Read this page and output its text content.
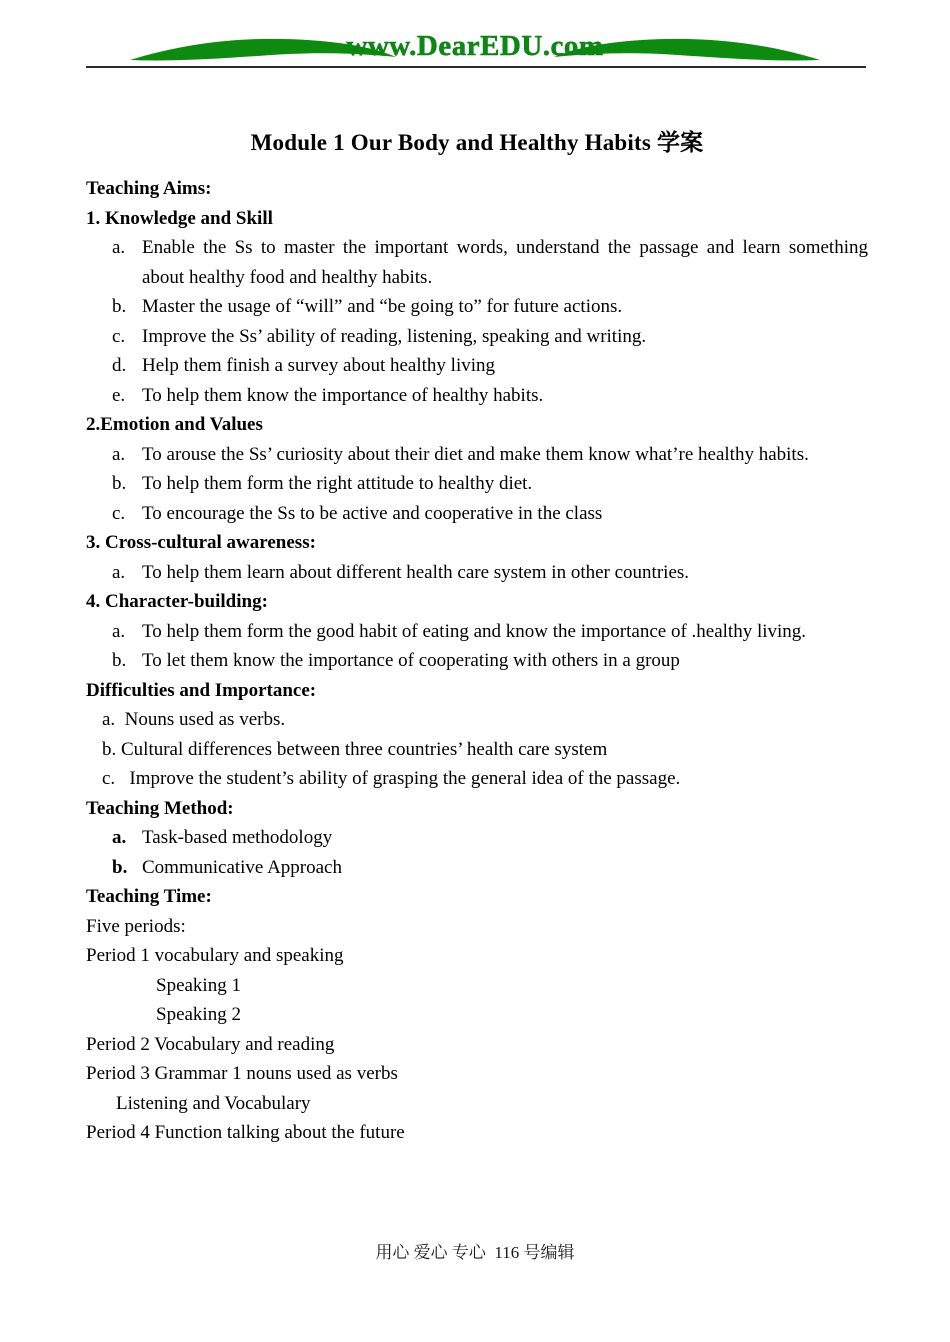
www.DearEDU.com
Module 1 Our Body and Healthy Habits 学案
Teaching Aims:
1. Knowledge and Skill
a. Enable the Ss to master the important words, understand the passage and learn something about healthy food and healthy habits.
b. Master the usage of “will” and “be going to” for future actions.
c. Improve the Ss’ ability of reading, listening, speaking and writing.
d. Help them finish a survey about healthy living
e. To help them know the importance of healthy habits.
2.Emotion and Values
a. To arouse the Ss’ curiosity about their diet and make them know what’re healthy habits.
b. To help them form the right attitude to healthy diet.
c. To encourage the Ss to be active and cooperative in the class
3. Cross-cultural awareness:
a. To help them learn about different health care system in other countries.
4. Character-building:
a. To help them form the good habit of eating and know the importance of .healthy living.
b. To let them know the importance of cooperating with others in a group
Difficulties and Importance:
a.  Nouns used as verbs.
b. Cultural differences between three countries’ health care system
c.   Improve the student’s ability of grasping the general idea of the passage.
Teaching Method:
a. Task-based methodology
b. Communicative Approach
Teaching Time:
Five periods:
Period 1 vocabulary and speaking
Speaking 1
Speaking 2
Period 2 Vocabulary and reading
Period 3 Grammar 1 nouns used as verbs
Listening and Vocabulary
Period 4 Function talking about the future
用心 爱心 专心  116 号编辑
